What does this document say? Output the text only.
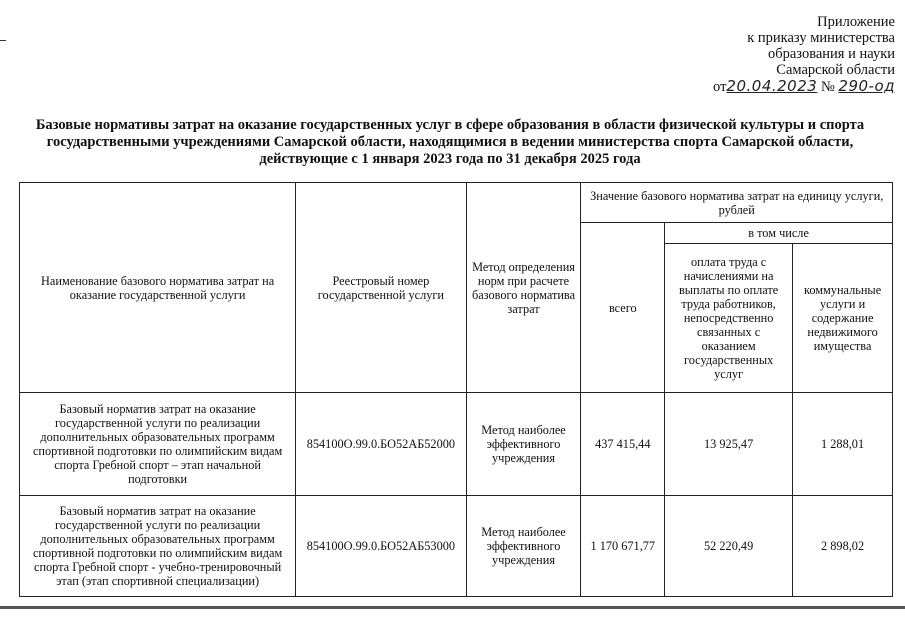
Приложение
к приказу министерства
образования и науки
Самарской области
от20.04.2023 № 290-од
Базовые нормативы затрат на оказание государственных услуг в сфере образования в области физической культуры и спорта
государственными учреждениями Самарской области, находящимися в ведении министерства спорта Самарской области,
действующие с 1 января 2023 года по 31 декабря 2025 года
Наименование базового норматива затрат на оказание государственной услуги	Реестровый номер государственной услуги	Метод определения норм при расчете базового норматива затрат	Значение базового норматива затрат на единицу услуги, рублей		
			всего	в том числе	
				оплата труда с начислениями на выплаты по оплате труда работников, непосредственно связанных с оказанием государственных услуг	коммунальные услуги и содержание недвижимого имущества
Базовый норматив затрат на оказание государственной услуги по реализации дополнительных образовательных программ спортивной подготовки по олимпийским видам спорта Гребной спорт – этап начальной подготовки	854100О.99.0.БО52АБ52000	Метод наиболее эффективного учреждения	437 415,44	13 925,47	1 288,01
Базовый норматив затрат на оказание государственной услуги по реализации дополнительных образовательных программ спортивной подготовки по олимпийским видам спорта Гребной спорт - учебно-тренировочный этап (этап спортивной специализации)	854100О.99.0.БО52АБ53000	Метод наиболее эффективного учреждения	1 170 671,77	52 220,49	2 898,02
